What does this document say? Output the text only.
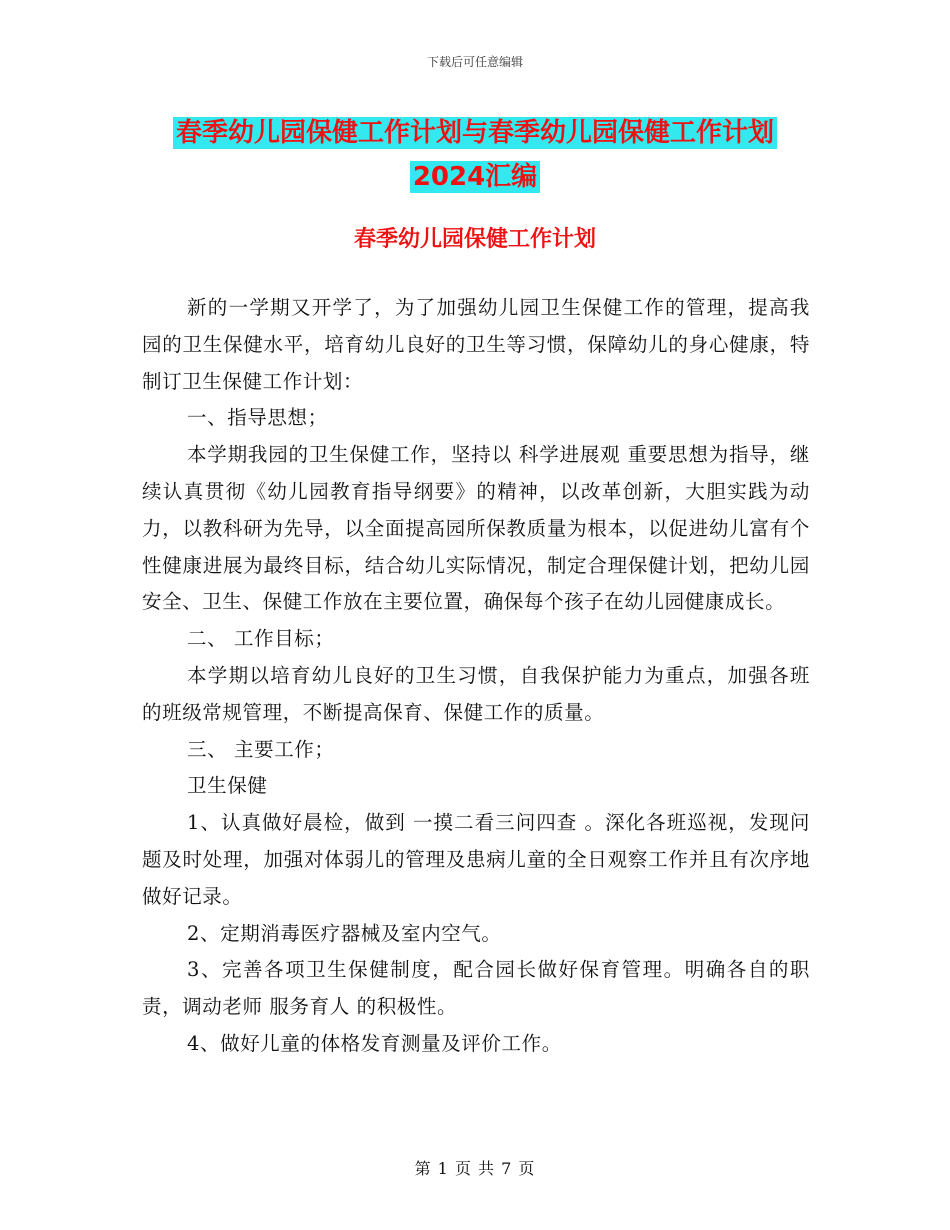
下载后可任意编辑
春季幼儿园保健工作计划与春季幼儿园保健工作计划
2024汇编
春季幼儿园保健工作计划

新的一学期又开学了，为了加强幼儿园卫生保健工作的管理，提高我园的卫生保健水平，培育幼儿良好的卫生等习惯，保障幼儿的身心健康，特制订卫生保健工作计划：

一、指导思想；

本学期我园的卫生保健工作，坚持以 科学进展观 重要思想为指导，继续认真贯彻《幼儿园教育指导纲要》的精神，以改革创新，大胆实践为动力，以教科研为先导，以全面提高园所保教质量为根本，以促进幼儿富有个性健康进展为最终目标，结合幼儿实际情况，制定合理保健计划，把幼儿园安全、卫生、保健工作放在主要位置，确保每个孩子在幼儿园健康成长。

二、 工作目标；

本学期以培育幼儿良好的卫生习惯，自我保护能力为重点，加强各班的班级常规管理，不断提高保育、保健工作的质量。

三、 主要工作；

卫生保健

1、认真做好晨检，做到 一摸二看三问四查 。深化各班巡视，发现问题及时处理，加强对体弱儿的管理及患病儿童的全日观察工作并且有次序地做好记录。

2、定期消毒医疗器械及室内空气。

3、完善各项卫生保健制度，配合园长做好保育管理。明确各自的职责，调动老师 服务育人 的积极性。

4、做好儿童的体格发育测量及评价工作。

第 1 页 共 7 页
